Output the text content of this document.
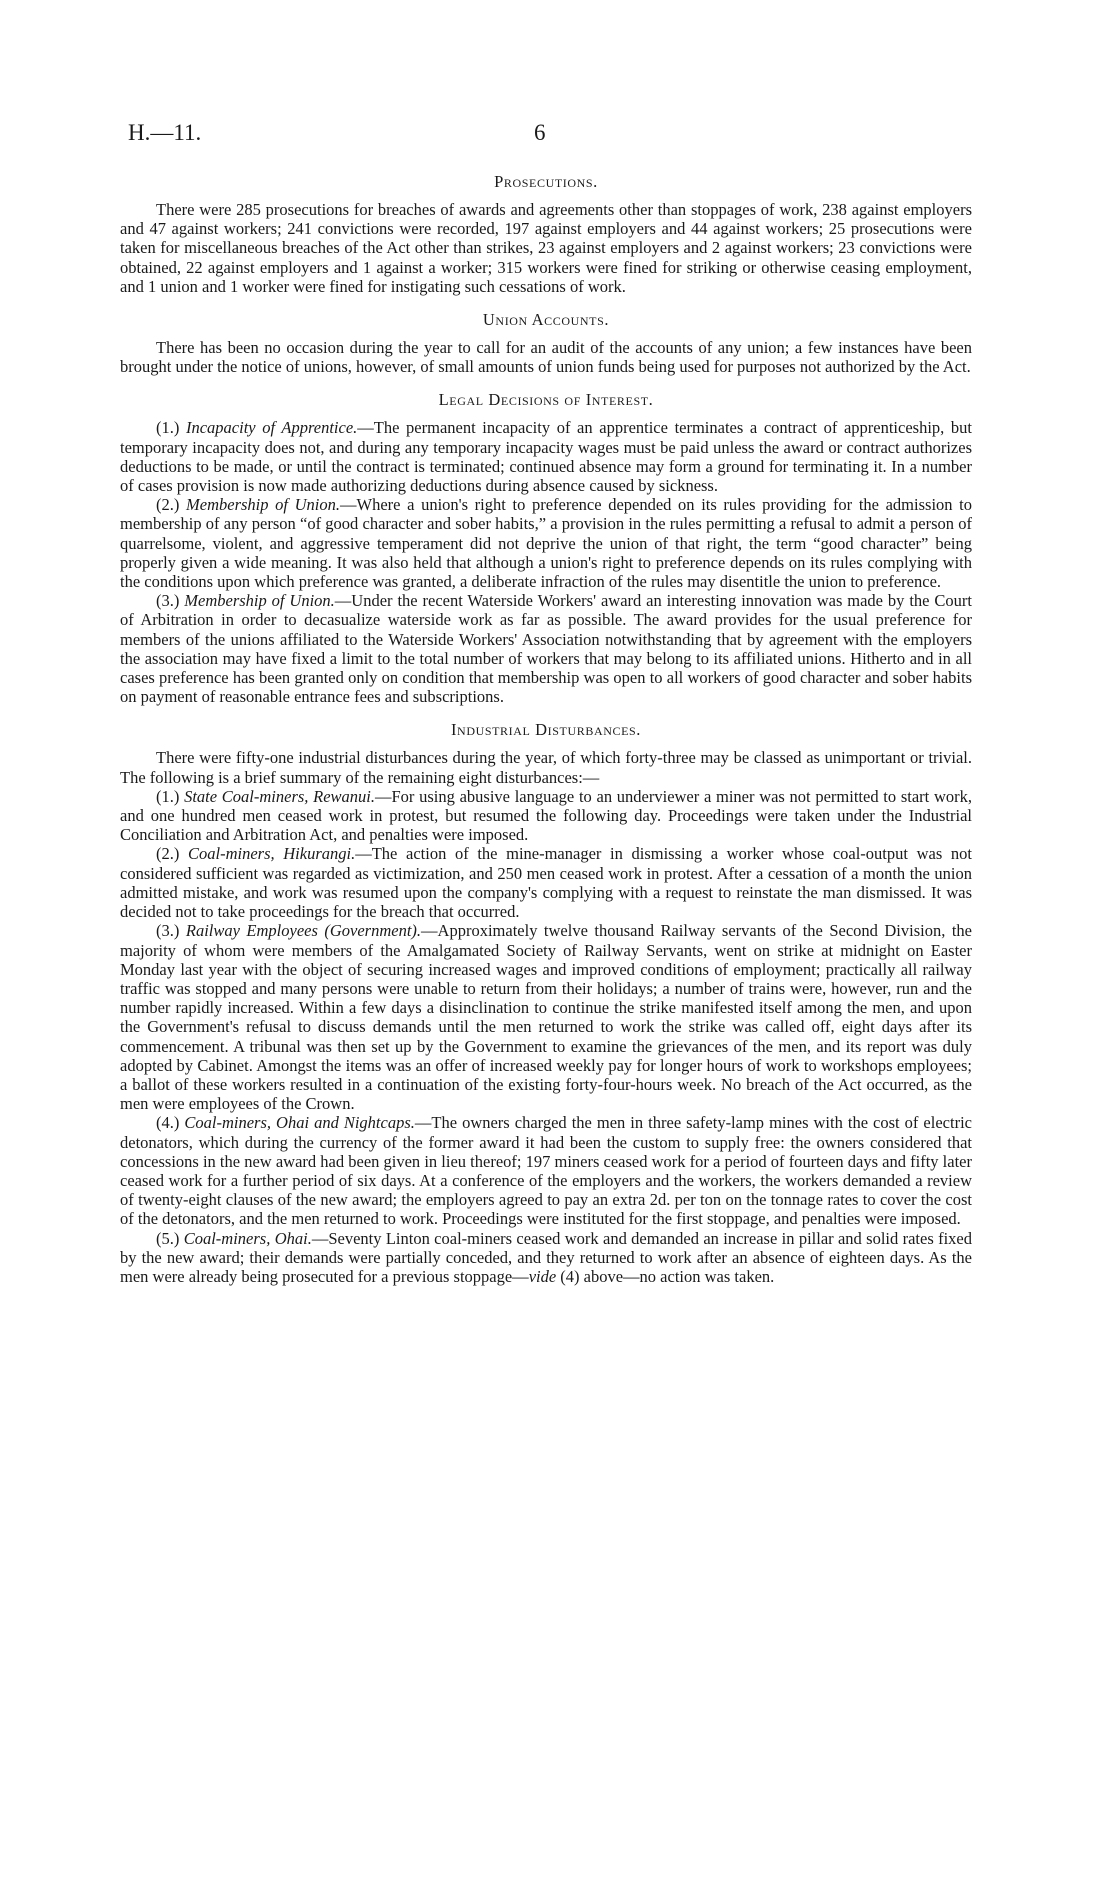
H.—11.	6
Prosecutions.

There were 285 prosecutions for breaches of awards and agreements other than stoppages of work, 238 against employers and 47 against workers; 241 convictions were recorded, 197 against employers and 44 against workers; 25 prosecutions were taken for miscellaneous breaches of the Act other than strikes, 23 against employers and 2 against workers; 23 convictions were obtained, 22 against employers and 1 against a worker; 315 workers were fined for striking or otherwise ceasing employment, and 1 union and 1 worker were fined for instigating such cessations of work.

Union Accounts.

There has been no occasion during the year to call for an audit of the accounts of any union; a few instances have been brought under the notice of unions, however, of small amounts of union funds being used for purposes not authorized by the Act.

Legal Decisions of Interest.

(1.) Incapacity of Apprentice.—The permanent incapacity of an apprentice terminates a contract of apprenticeship, but temporary incapacity does not, and during any temporary incapacity wages must be paid unless the award or contract authorizes deductions to be made, or until the contract is terminated; continued absence may form a ground for terminating it. In a number of cases provision is now made authorizing deductions during absence caused by sickness.

(2.) Membership of Union.—Where a union's right to preference depended on its rules providing for the admission to membership of any person “of good character and sober habits,” a provision in the rules permitting a refusal to admit a person of quarrelsome, violent, and aggressive temperament did not deprive the union of that right, the term “good character” being properly given a wide meaning. It was also held that although a union's right to preference depends on its rules complying with the conditions upon which preference was granted, a deliberate infraction of the rules may disentitle the union to preference.

(3.) Membership of Union.—Under the recent Waterside Workers' award an interesting innovation was made by the Court of Arbitration in order to decasualize waterside work as far as possible. The award provides for the usual preference for members of the unions affiliated to the Waterside Workers' Association notwithstanding that by agreement with the employers the association may have fixed a limit to the total number of workers that may belong to its affiliated unions. Hitherto and in all cases preference has been granted only on condition that membership was open to all workers of good character and sober habits on payment of reasonable entrance fees and subscriptions.

Industrial Disturbances.

There were fifty-one industrial disturbances during the year, of which forty-three may be classed as unimportant or trivial. The following is a brief summary of the remaining eight disturbances:—

(1.) State Coal-miners, Rewanui.—For using abusive language to an underviewer a miner was not permitted to start work, and one hundred men ceased work in protest, but resumed the following day. Proceedings were taken under the Industrial Conciliation and Arbitration Act, and penalties were imposed.

(2.) Coal-miners, Hikurangi.—The action of the mine-manager in dismissing a worker whose coal-output was not considered sufficient was regarded as victimization, and 250 men ceased work in protest. After a cessation of a month the union admitted mistake, and work was resumed upon the company's complying with a request to reinstate the man dismissed. It was decided not to take proceedings for the breach that occurred.

(3.) Railway Employees (Government).—Approximately twelve thousand Railway servants of the Second Division, the majority of whom were members of the Amalgamated Society of Railway Servants, went on strike at midnight on Easter Monday last year with the object of securing increased wages and improved conditions of employment; practically all railway traffic was stopped and many persons were unable to return from their holidays; a number of trains were, however, run and the number rapidly increased. Within a few days a disinclination to continue the strike manifested itself among the men, and upon the Government's refusal to discuss demands until the men returned to work the strike was called off, eight days after its commencement. A tribunal was then set up by the Government to examine the grievances of the men, and its report was duly adopted by Cabinet. Amongst the items was an offer of increased weekly pay for longer hours of work to workshops employees; a ballot of these workers resulted in a continuation of the existing forty-four-hours week. No breach of the Act occurred, as the men were employees of the Crown.

(4.) Coal-miners, Ohai and Nightcaps.—The owners charged the men in three safety-lamp mines with the cost of electric detonators, which during the currency of the former award it had been the custom to supply free: the owners considered that concessions in the new award had been given in lieu thereof; 197 miners ceased work for a period of fourteen days and fifty later ceased work for a further period of six days. At a conference of the employers and the workers, the workers demanded a review of twenty-eight clauses of the new award; the employers agreed to pay an extra 2d. per ton on the tonnage rates to cover the cost of the detonators, and the men returned to work. Proceedings were instituted for the first stoppage, and penalties were imposed.

(5.) Coal-miners, Ohai.—Seventy Linton coal-miners ceased work and demanded an increase in pillar and solid rates fixed by the new award; their demands were partially conceded, and they returned to work after an absence of eighteen days. As the men were already being prosecuted for a previous stoppage—vide (4) above—no action was taken.
